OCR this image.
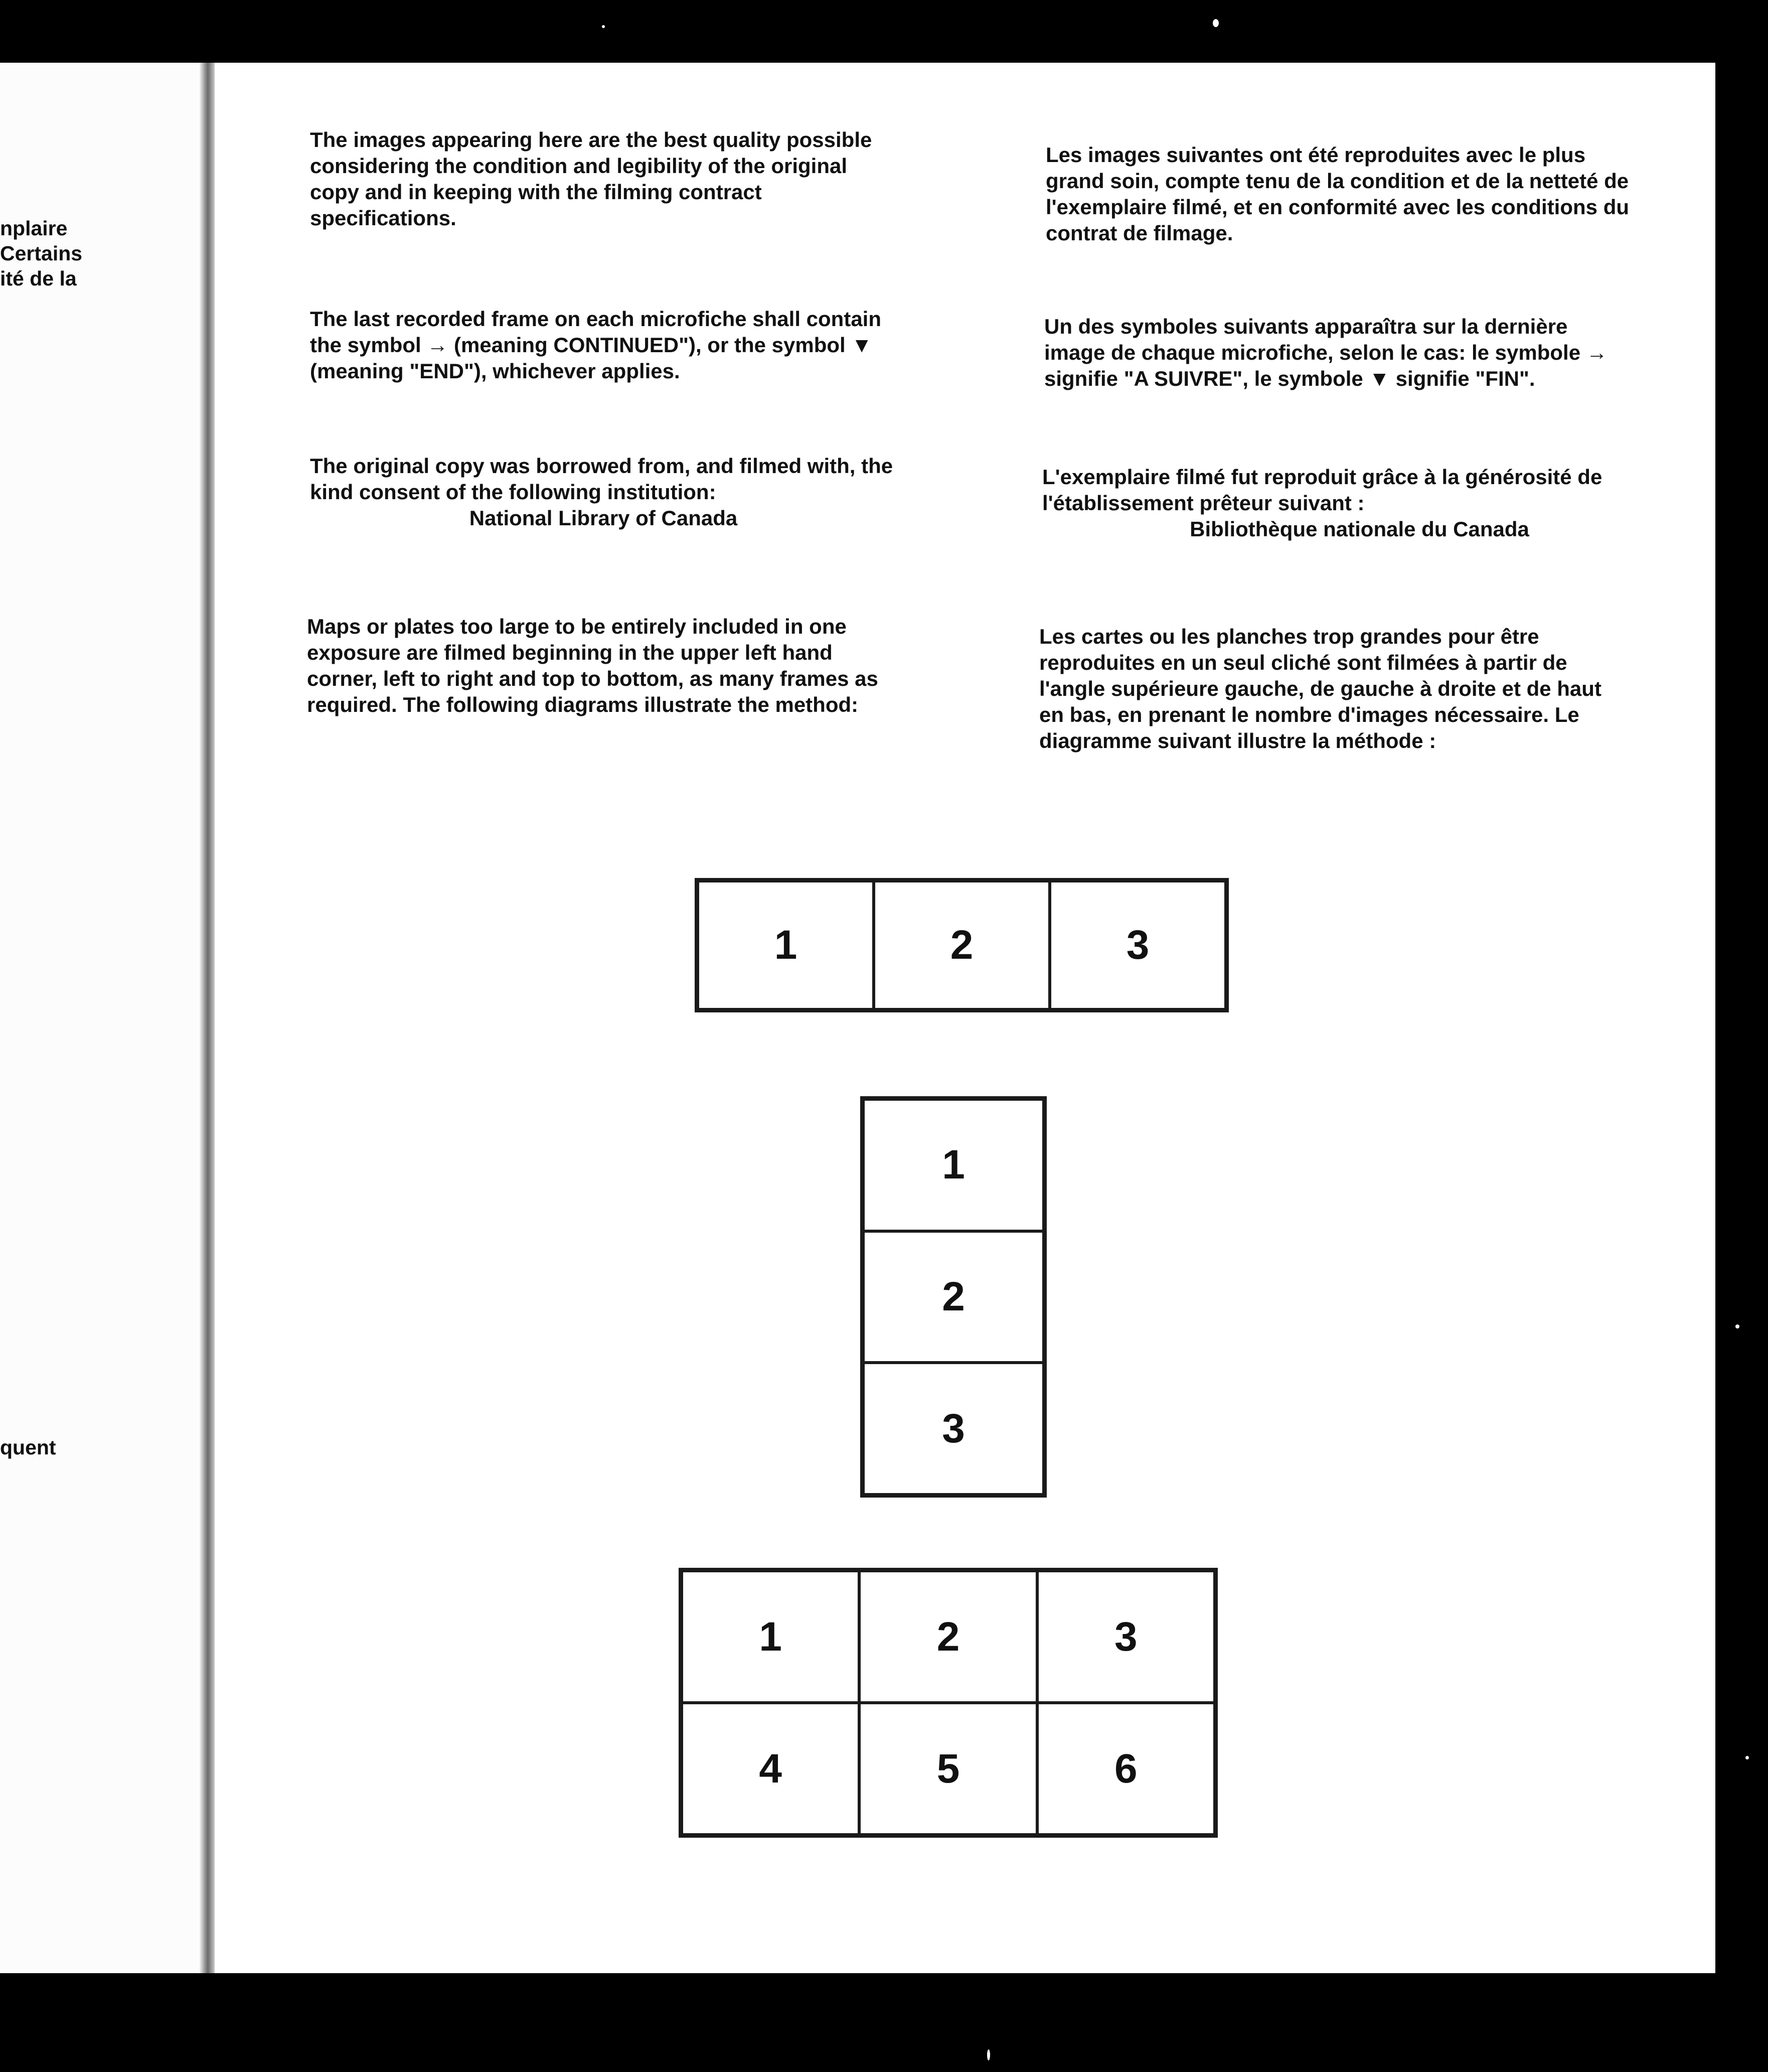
nplaire
Certains
ité de la
quent

The images appearing here are the best quality possible considering the condition and legibility of the original copy and in keeping with the filming contract specifications.

The last recorded frame on each microfiche shall contain the symbol → (meaning CONTINUED"), or the symbol ▼ (meaning "END"), whichever applies.

The original copy was borrowed from, and filmed with, the kind consent of the following institution:

National Library of Canada

Maps or plates too large to be entirely included in one exposure are filmed beginning in the upper left hand corner, left to right and top to bottom, as many frames as required. The following diagrams illustrate the method:

Les images suivantes ont été reproduites avec le plus grand soin, compte tenu de la condition et de la netteté de l'exemplaire filmé, et en conformité avec les conditions du contrat de filmage.

Un des symboles suivants apparaîtra sur la dernière image de chaque microfiche, selon le cas: le symbole → signifie "A SUIVRE", le symbole ▼ signifie "FIN".

L'exemplaire filmé fut reproduit grâce à la générosité de l'établissement prêteur suivant :

Bibliothèque nationale du Canada

Les cartes ou les planches trop grandes pour être reproduites en un seul cliché sont filmées à partir de l'angle supérieure gauche, de gauche à droite et de haut en bas, en prenant le nombre d'images nécessaire. Le diagramme suivant illustre la méthode :

1	2	3
1
2
3
1	2	3
4	5	6
